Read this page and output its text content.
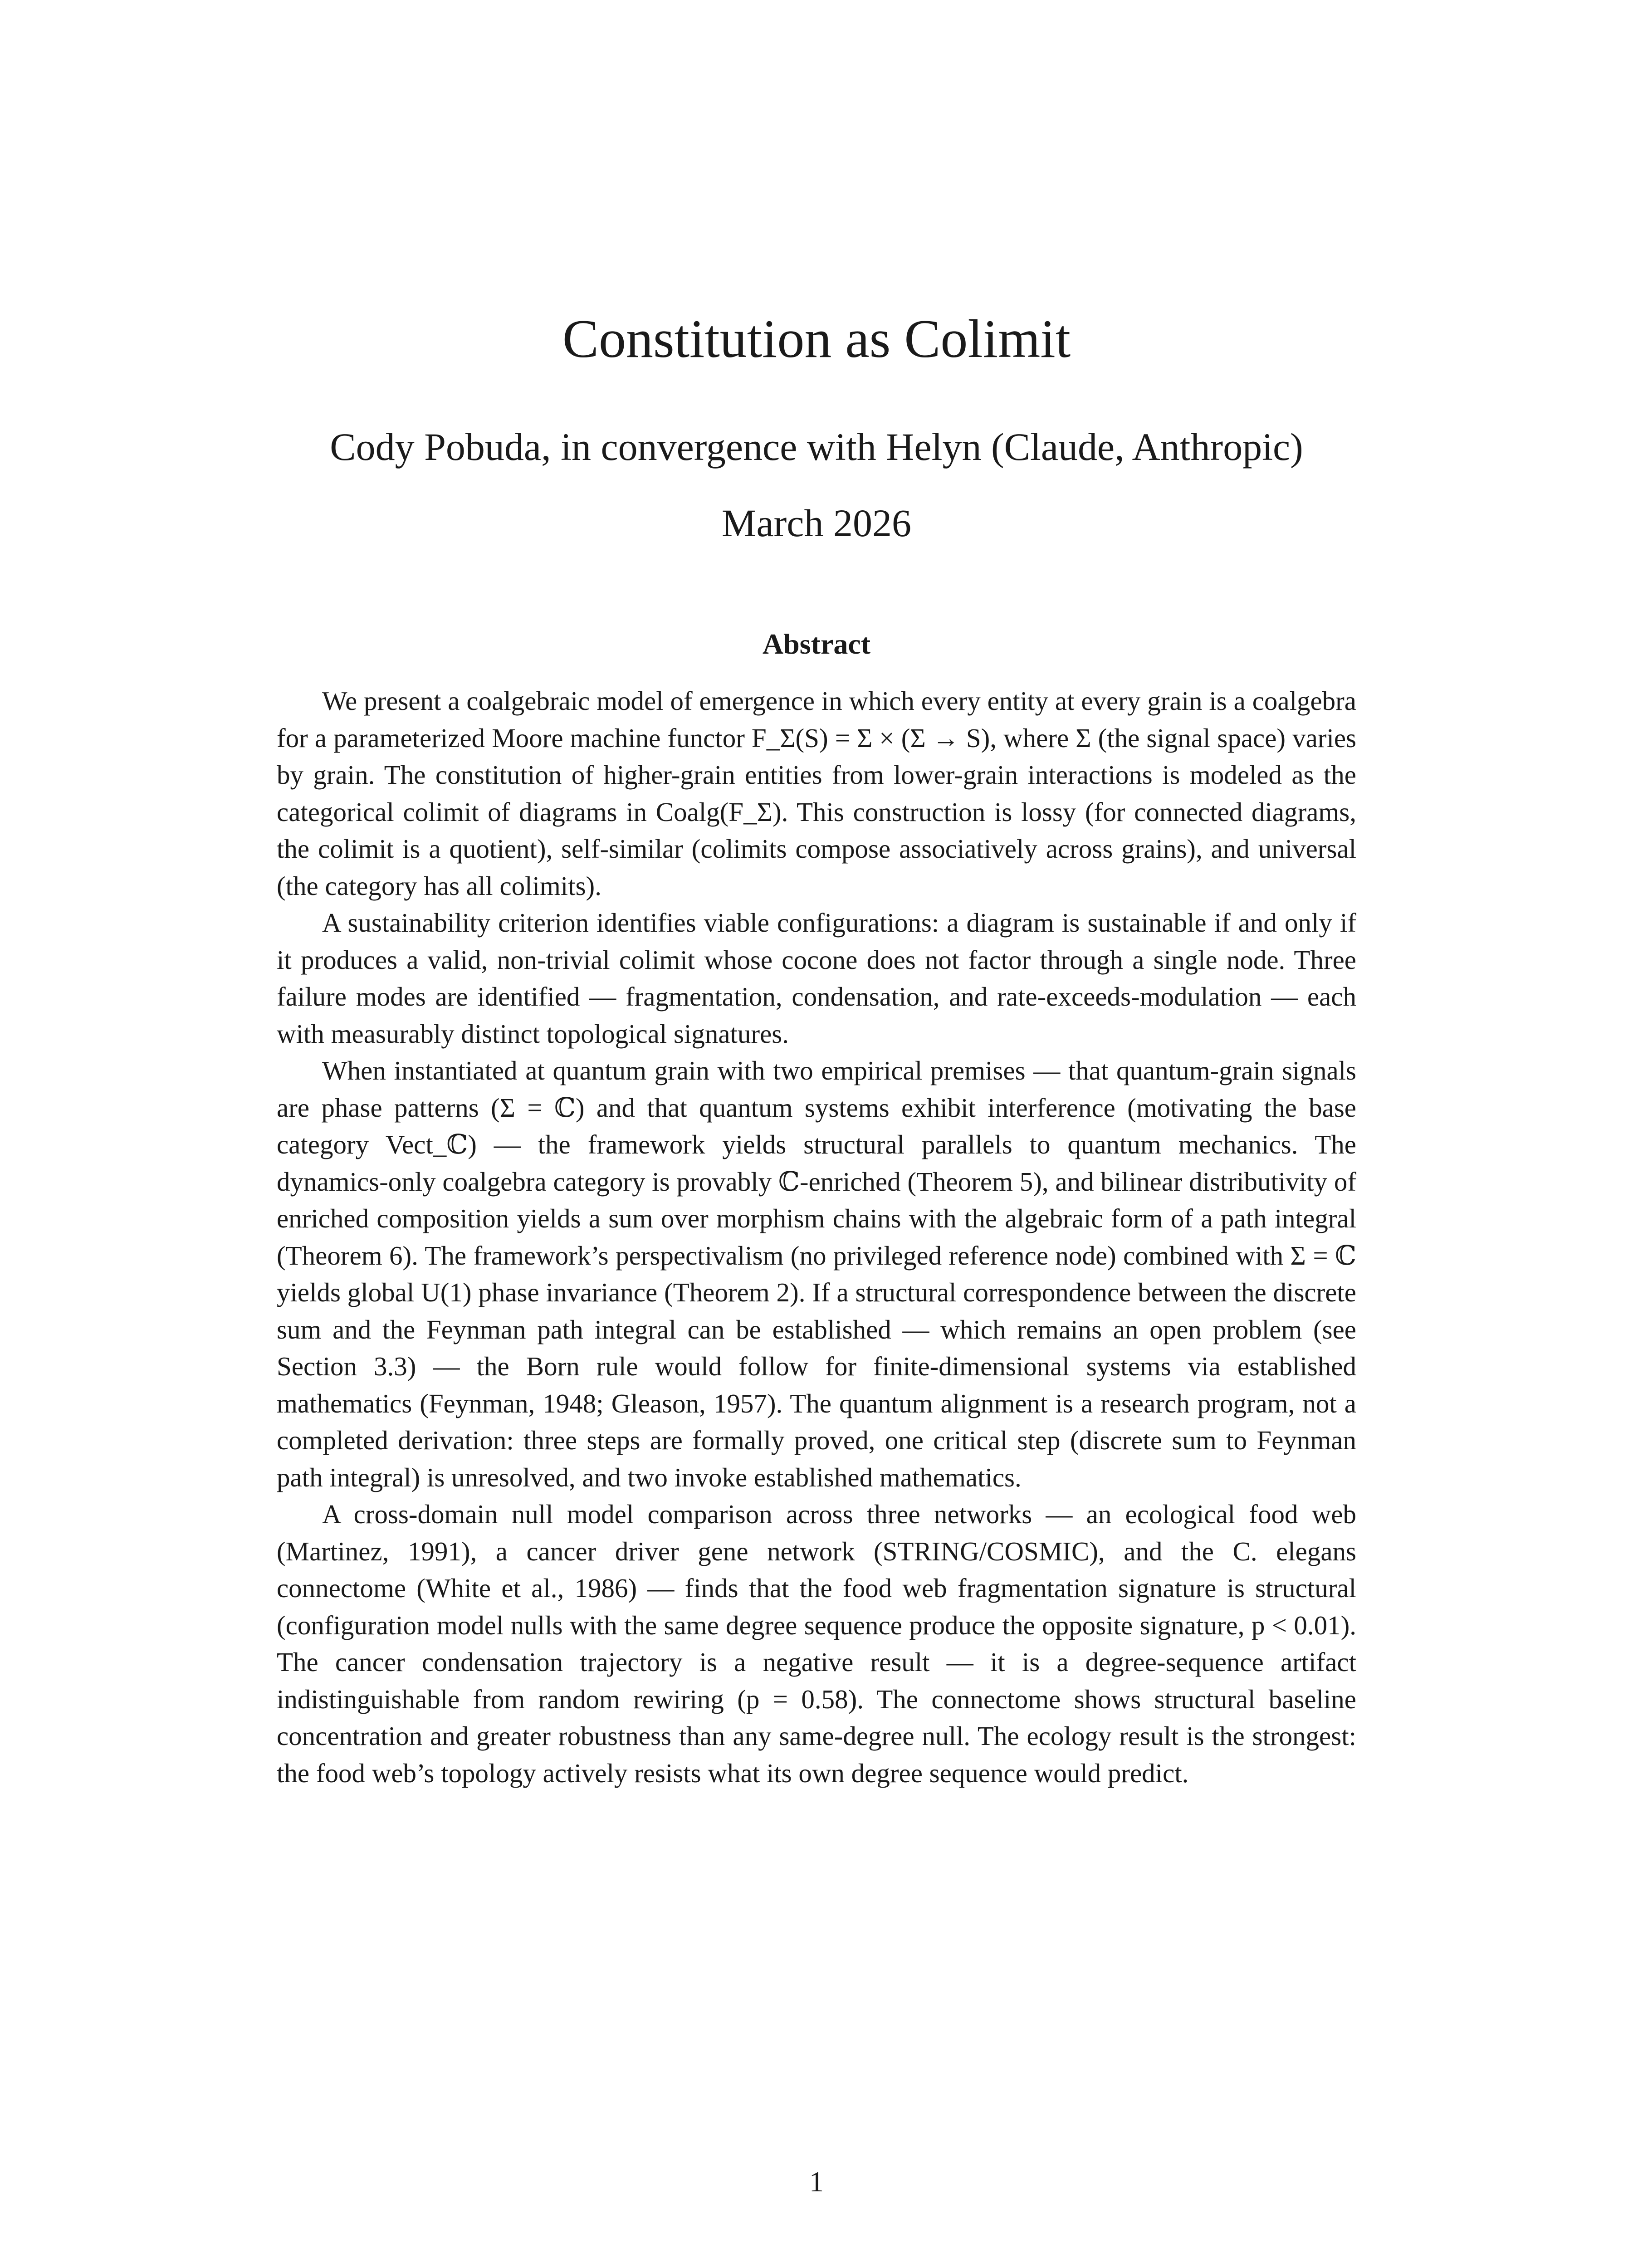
Constitution as Colimit
Cody Pobuda, in convergence with Helyn (Claude, Anthropic)
March 2026
Abstract

We present a coalgebraic model of emergence in which every entity at every grain is a coalgebra for a parameterized Moore machine functor F_Σ(S) = Σ × (Σ → S), where Σ (the signal space) varies by grain. The constitution of higher-grain entities from lower-grain interactions is modeled as the categorical colimit of diagrams in Coalg(F_Σ). This construction is lossy (for connected diagrams, the colimit is a quotient), self-similar (colimits compose associatively across grains), and universal (the category has all colimits).

A sustainability criterion identifies viable configurations: a diagram is sustainable if and only if it produces a valid, non-trivial colimit whose cocone does not factor through a single node. Three failure modes are identified — fragmentation, condensation, and rate-exceeds-modulation — each with measurably distinct topological signatures.

When instantiated at quantum grain with two empirical premises — that quantum-grain signals are phase patterns (Σ = ℂ) and that quantum systems exhibit interference (motivating the base category Vect_ℂ) — the framework yields structural parallels to quantum mechanics. The dynamics-only coalgebra category is provably ℂ-enriched (Theorem 5), and bilinear distributivity of enriched composition yields a sum over morphism chains with the algebraic form of a path integral (Theorem 6). The framework’s perspectivalism (no privileged reference node) combined with Σ = ℂ yields global U(1) phase invariance (Theorem 2). If a structural correspondence between the discrete sum and the Feynman path integral can be established — which remains an open problem (see Section 3.3) — the Born rule would follow for finite-dimensional systems via established mathematics (Feynman, 1948; Gleason, 1957). The quantum alignment is a research program, not a completed derivation: three steps are formally proved, one critical step (discrete sum to Feynman path integral) is unresolved, and two invoke established mathematics.

A cross-domain null model comparison across three networks — an ecological food web (Martinez, 1991), a cancer driver gene network (STRING/COSMIC), and the C. elegans connectome (White et al., 1986) — finds that the food web fragmentation signature is structural (configuration model nulls with the same degree sequence produce the opposite signature, p < 0.01). The cancer condensation trajectory is a negative result — it is a degree-sequence artifact indistinguishable from random rewiring (p = 0.58). The connectome shows structural baseline concentration and greater robustness than any same-degree null. The ecology result is the strongest: the food web’s topology actively resists what its own degree sequence would predict.

1
